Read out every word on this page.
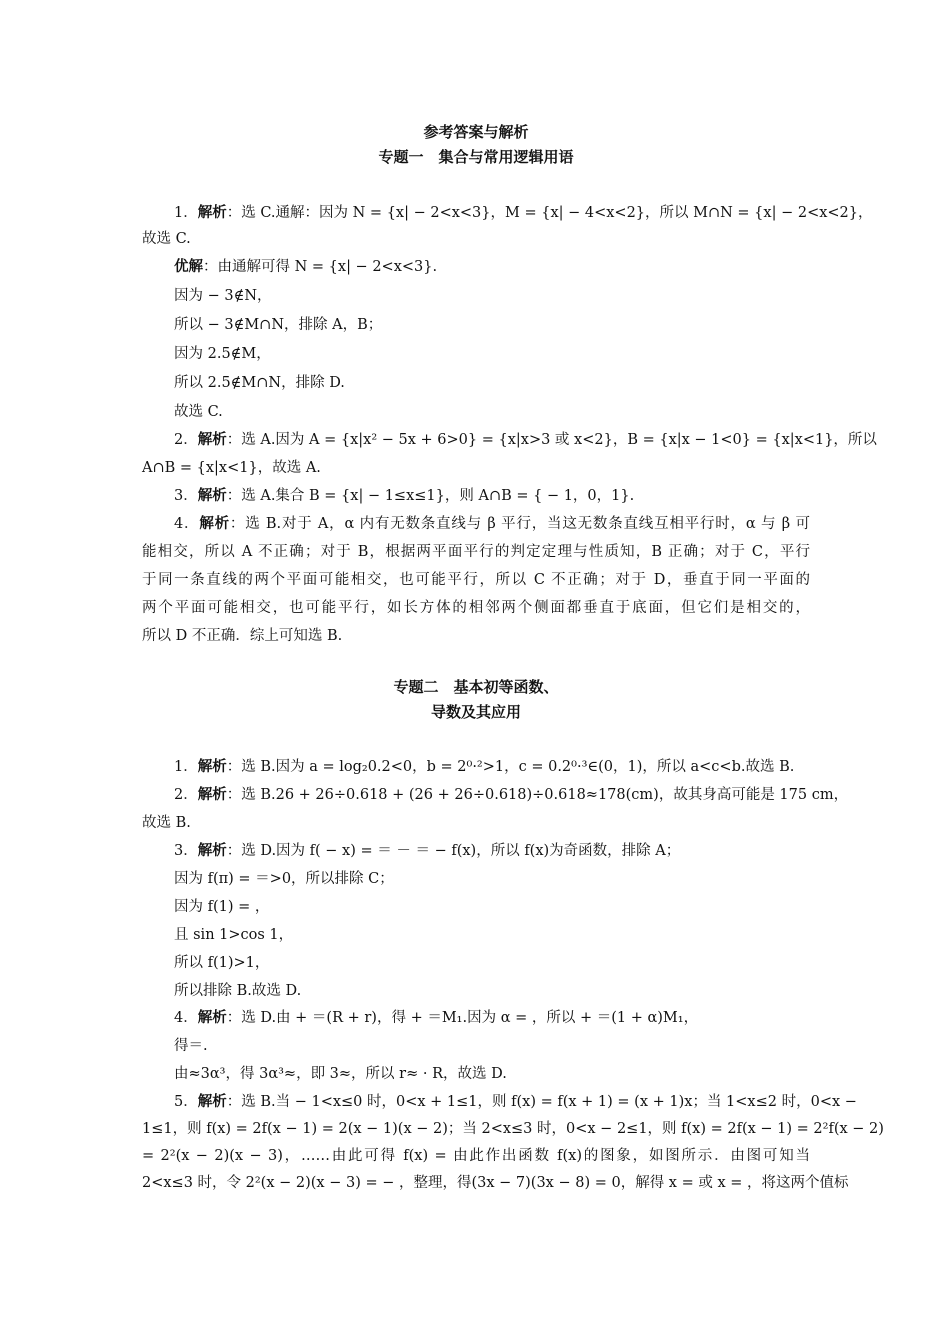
参考答案与解析
专题一　集合与常用逻辑用语
1．解析：选 C.通解：因为 N = {x| − 2<x<3}，M = {x| − 4<x<2}，所以 M∩N = {x| − 2<x<2}，
故选 C.
优解：由通解可得 N = {x| − 2<x<3}.
因为 − 3∉N，
所以 − 3∉M∩N，排除 A，B；
因为 2.5∉M，
所以 2.5∉M∩N，排除 D.
故选 C.
2．解析：选 A.因为 A = {x|x² − 5x + 6>0} = {x|x>3 或 x<2}，B = {x|x − 1<0} = {x|x<1}，所以
A∩B = {x|x<1}，故选 A.
3．解析：选 A.集合 B = {x| − 1≤x≤1}，则 A∩B = { − 1，0，1}.
4．解析：选 B.对于 A，α 内有无数条直线与 β 平行，当这无数条直线互相平行时，α 与 β 可
能相交，所以 A 不正确；对于 B，根据两平面平行的判定定理与性质知，B 正确；对于 C，平行
于同一条直线的两个平面可能相交，也可能平行，所以 C 不正确；对于 D，垂直于同一平面的
两个平面可能相交，也可能平行，如长方体的相邻两个侧面都垂直于底面，但它们是相交的，
所以 D 不正确．综上可知选 B.
专题二　基本初等函数、
导数及其应用
1．解析：选 B.因为 a = log₂0.2<0，b = 2⁰·²>1，c = 0.2⁰·³∈(0，1)，所以 a<c<b.故选 B.
2．解析：选 B.26 + 26÷0.618 + (26 + 26÷0.618)÷0.618≈178(cm)，故其身高可能是 175 cm，
故选 B.
3．解析：选 D.因为 f( − x) = ＝ － ＝ − f(x)，所以 f(x)为奇函数，排除 A；
因为 f(π) = ＝>0，所以排除 C；
因为 f(1) = ，
且 sin 1>cos 1，
所以 f(1)>1，
所以排除 B.故选 D.
4．解析：选 D.由 + ＝(R + r)，得 + ＝M₁.因为 α = ，所以 + ＝(1 + α)M₁，
得＝.
由≈3α³，得 3α³≈，即 3≈，所以 r≈ · R，故选 D.
5．解析：选 B.当 − 1<x≤0 时，0<x + 1≤1，则 f(x) = f(x + 1) = (x + 1)x；当 1<x≤2 时，0<x −
1≤1，则 f(x) = 2f(x − 1) = 2(x − 1)(x − 2)；当 2<x≤3 时，0<x − 2≤1，则 f(x) = 2f(x − 1) = 2²f(x − 2)
= 2²(x − 2)(x − 3)，……由此可得 f(x) = 由此作出函数 f(x)的图象，如图所示．由图可知当
2<x≤3 时，令 2²(x − 2)(x − 3) = − ，整理，得(3x − 7)(3x − 8) = 0，解得 x = 或 x = ，将这两个值标
